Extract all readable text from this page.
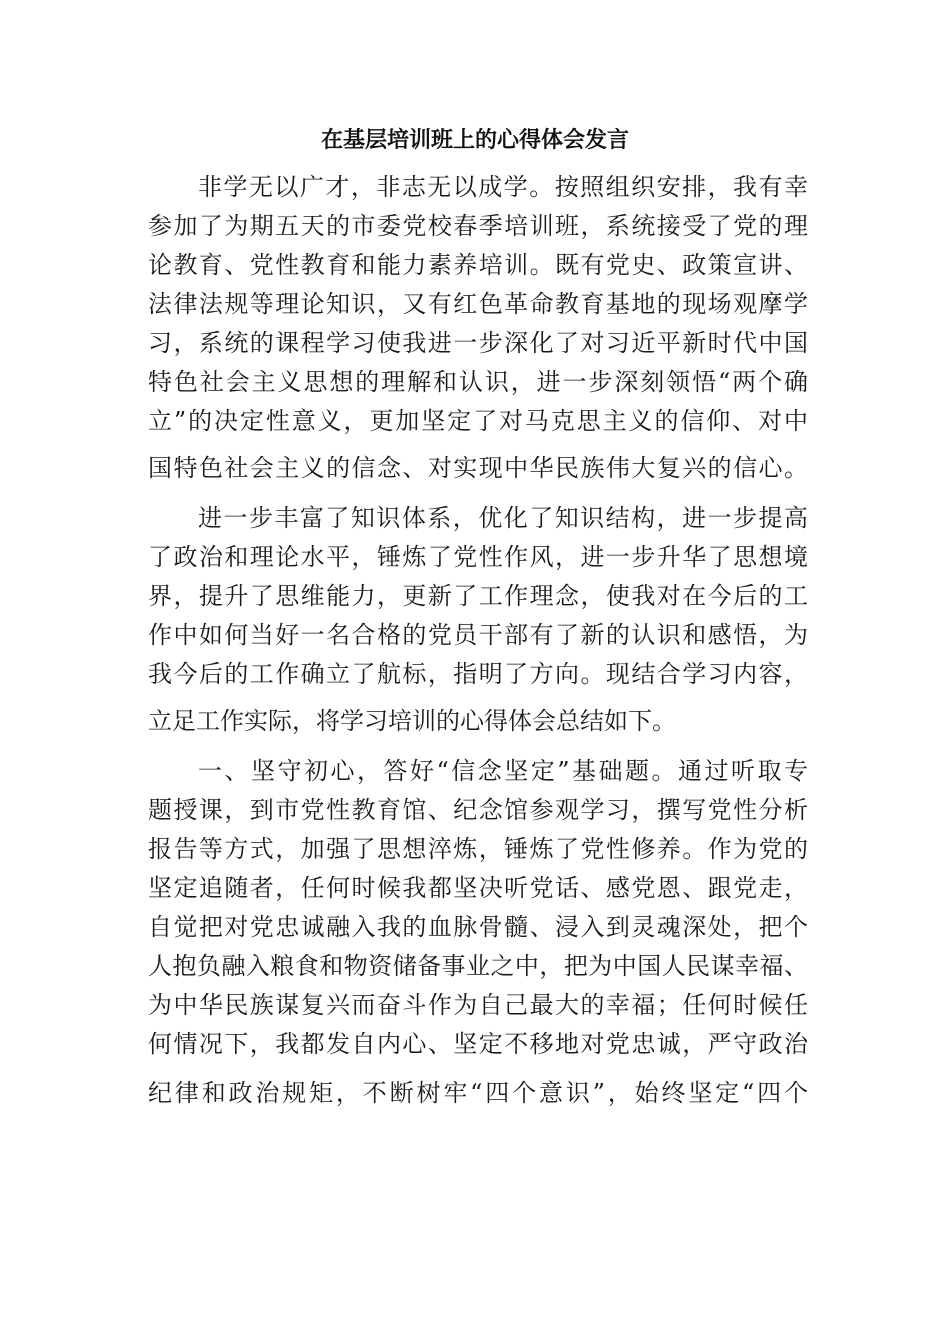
在基层培训班上的心得体会发言

非学无以广才，非志无以成学。按照组织安排，我有幸

参加了为期五天的市委党校春季培训班，系统接受了党的理

论教育、党性教育和能力素养培训。既有党史、政策宣讲、

法律法规等理论知识，又有红色革命教育基地的现场观摩学

习，系统的课程学习使我进一步深化了对习近平新时代中国

特色社会主义思想的理解和认识，进一步深刻领悟“两个确

立”的决定性意义，更加坚定了对马克思主义的信仰、对中

国特色社会主义的信念、对实现中华民族伟大复兴的信心。

进一步丰富了知识体系，优化了知识结构，进一步提高

了政治和理论水平，锤炼了党性作风，进一步升华了思想境

界，提升了思维能力，更新了工作理念，使我对在今后的工

作中如何当好一名合格的党员干部有了新的认识和感悟，为

我今后的工作确立了航标，指明了方向。现结合学习内容，

立足工作实际，将学习培训的心得体会总结如下。

一、坚守初心，答好“信念坚定”基础题。通过听取专

题授课，到市党性教育馆、纪念馆参观学习，撰写党性分析

报告等方式，加强了思想淬炼，锤炼了党性修养。作为党的

坚定追随者，任何时候我都坚决听党话、感党恩、跟党走，

自觉把对党忠诚融入我的血脉骨髓、浸入到灵魂深处，把个

人抱负融入粮食和物资储备事业之中，把为中国人民谋幸福、

为中华民族谋复兴而奋斗作为自己最大的幸福；任何时候任

何情况下，我都发自内心、坚定不移地对党忠诚，严守政治

纪律和政治规矩，不断树牢“四个意识”，始终坚定“四个
